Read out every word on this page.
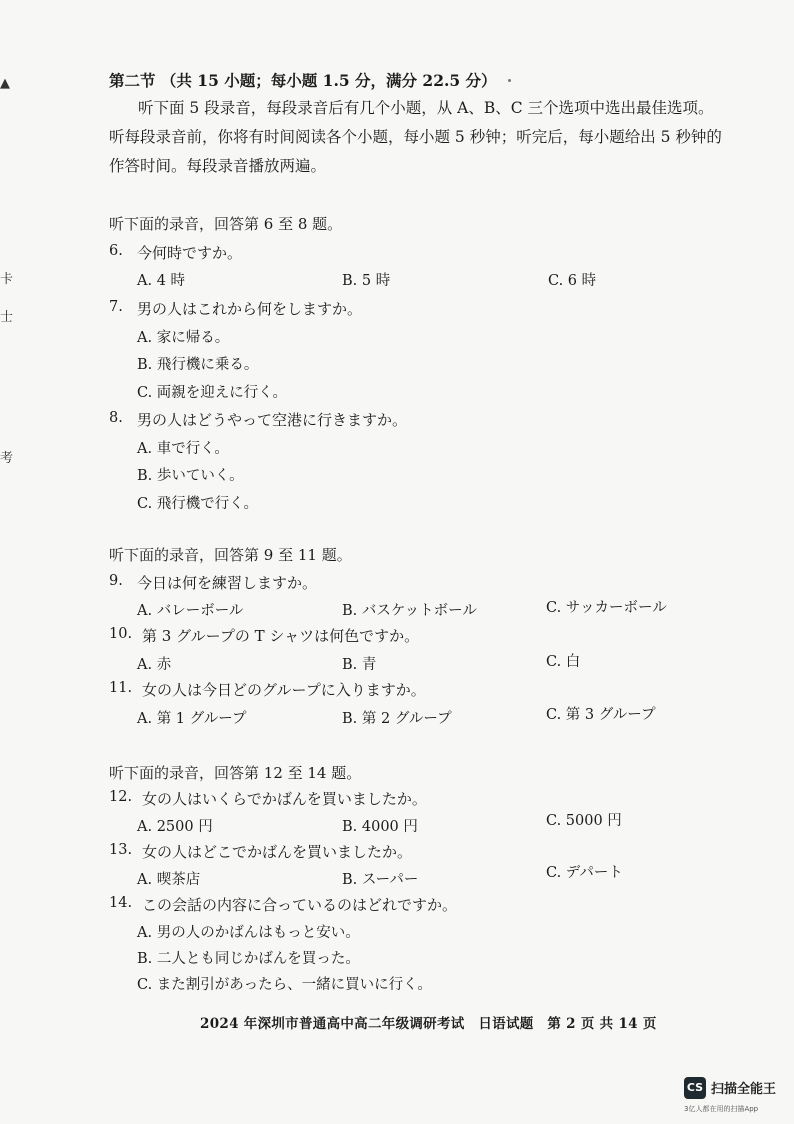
▲
卡
士
考
第二节 （共 15 小题；每小题 1.5 分，满分 22.5 分）
听下面 5 段录音，每段录音后有几个小题，从 A、B、C 三个选项中选出最佳选项。
听每段录音前，你将有时间阅读各个小题，每小题 5 秒钟；听完后，每小题给出 5 秒钟的
作答时间。每段录音播放两遍。
听下面的录音，回答第 6 至 8 题。
6. 今何時ですか。
A. 4 時	B. 5 時	C. 6 時
7. 男の人はこれから何をしますか。
A. 家に帰る。
B. 飛行機に乗る。
C. 両親を迎えに行く。
8. 男の人はどうやって空港に行きますか。
A. 車で行く。
B. 歩いていく。
C. 飛行機で行く。
听下面的录音，回答第 9 至 11 题。
9. 今日は何を練習しますか。
A. バレーボール	B. バスケットボール	C. サッカーボール
10. 第 3 グループの T シャツは何色ですか。
A. 赤	B. 青	C. 白
11. 女の人は今日どのグループに入りますか。
A. 第 1 グループ	B. 第 2 グループ	C. 第 3 グループ
听下面的录音，回答第 12 至 14 题。
12. 女の人はいくらでかばんを買いましたか。
A. 2500 円	B. 4000 円	C. 5000 円
13. 女の人はどこでかばんを買いましたか。
A. 喫茶店	B. スーパー	C. デパート
14. この会話の内容に合っているのはどれですか。
A. 男の人のかばんはもっと安い。
B. 二人とも同じかばんを買った。
C. また割引があったら、一緒に買いに行く。
2024 年深圳市普通高中高二年级调研考试　日语试题　第 2 页 共 14 页
CS 扫描全能王
3亿人都在用的扫描App
